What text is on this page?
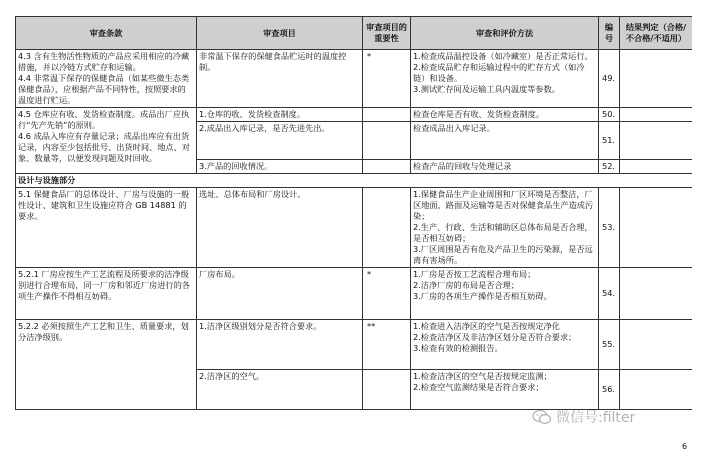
审查条款	审查项目	审查项目的重要性	审查和评价方法	编号	结果判定（合格/不合格/不适用）

4.3 含有生物活性物质的产品应采用相应的冷藏措施，并以冷链方式贮存和运输。
4.4 非常温下保存的保健食品（如某些微生态类保健食品），应根据产品不同特性，按照要求的温度进行贮运。	非常温下保存的保健食品贮运时的温度控制。	*	1.检查成品温控设备（如冷藏室）是否正常运行。
2.检查成品贮存和运输过程中的贮存方式（如冷链）和设备。
3.测试贮存间及运输工具内温度等参数。	49.	

4.5 仓库应有收、发货检查制度。成品出厂应执行“先产先销”的原则。
4.6 成品入库应有存量记录；成品出库应有出货记录，内容至少包括批号、出货时间、地点、对象、数量等，以便发现问题及时回收。	1.仓库的收、发货检查制度。		检查仓库是否有收、发货检查制度。	50.	
	2.成品出入库记录，是否先进先出。		检查成品出入库记录。	51.	
	3.产品的回收情况。		检查产品的回收与处理记录	52.	
设计与设施部分					
5.1 保健食品厂的总体设计、厂房与设施的一般性设计、建筑和卫生设施应符合 GB 14881 的要求。	选址、总体布局和厂房设计。		1.保健食品生产企业周围和厂区环境是否整洁，厂区地面，路面及运输等是否对保健食品生产造成污染；
2.生产、行政、生活和辅助区总体布局是否合理，是否相互妨碍；
3.厂区周围是否有危及产品卫生的污染源，是否远离有害场所。	53.	
5.2.1 厂房应按生产工艺流程及所要求的洁净级别进行合理布局，同一厂房和邻近厂房进行的各项生产操作不得相互妨碍。	厂房布局。	*	1.厂房是否按工艺流程合理布局；
2.洁净厂房的布局是否合理；
3.厂房的各项生产操作是否相互妨碍。	54.	
5.2.2 必须按照生产工艺和卫生、质量要求，划分洁净级别。	1.洁净区级别划分是否符合要求。	**	1.检查进入洁净区的空气是否按规定净化
2.检查洁净区及非洁净区划分是否符合要求；
3.检查有效的检测报告。	55.	
	2.洁净区的空气。		1.检查洁净区的空气是否按规定监测；
2.检查空气监测结果是否符合要求；	56.	
微信号:filter
6
